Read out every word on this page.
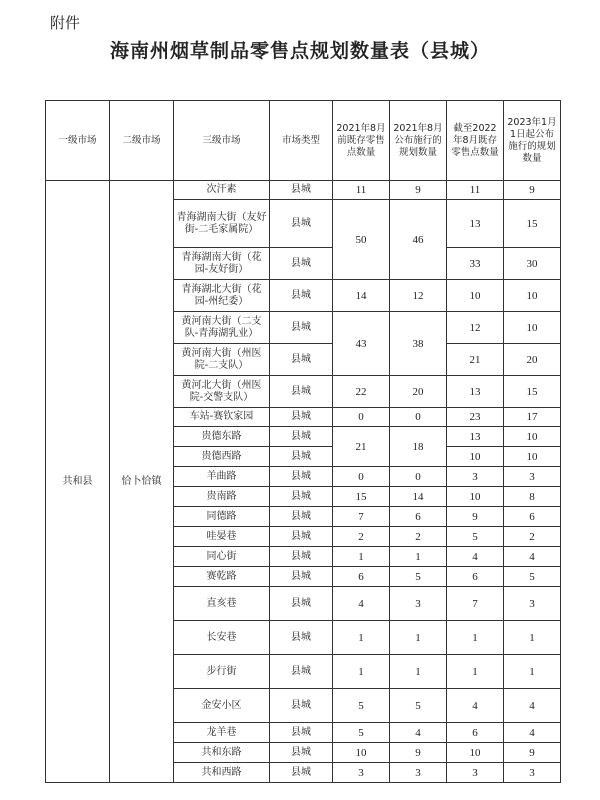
附件
海南州烟草制品零售点规划数量表（县城）
一级市场	二级市场	三级市场	市场类型	2021年8月前既存零售点数量	2021年8月公布施行的规划数量	截至2022年8月既存零售点数量	2023年1月1日起公布施行的规划数量
共和县	恰卜恰镇	次汗素	县城	11	9	11	9
		青海湖南大街（友好街-二毛家属院）	县城	50	46	13	15
		青海湖南大街（花园-友好街）	县城			33	30
		青海湖北大街（花园-州纪委）	县城	14	12	10	10
		黄河南大街（二支队-青海湖乳业）	县城	43	38	12	10
		黄河南大街（州医院-二支队）	县城			21	20
		黄河北大街（州医院-交警支队）	县城	22	20	13	15
		车站-赛钦家园	县城	0	0	23	17
		贵德东路	县城	21	18	13	10
		贵德西路	县城			10	10
		羊曲路	县城	0	0	3	3
		贵南路	县城	15	14	10	8
		同德路	县城	7	6	9	6
		哇晏巷	县城	2	2	5	2
		同心街	县城	1	1	4	4
		赛乾路	县城	6	5	6	5
		直亥巷	县城	4	3	7	3
		长安巷	县城	1	1	1	1
		步行街	县城	1	1	1	1
		金安小区	县城	5	5	4	4
		龙羊巷	县城	5	4	6	4
		共和东路	县城	10	9	10	9
		共和西路	县城	3	3	3	3
